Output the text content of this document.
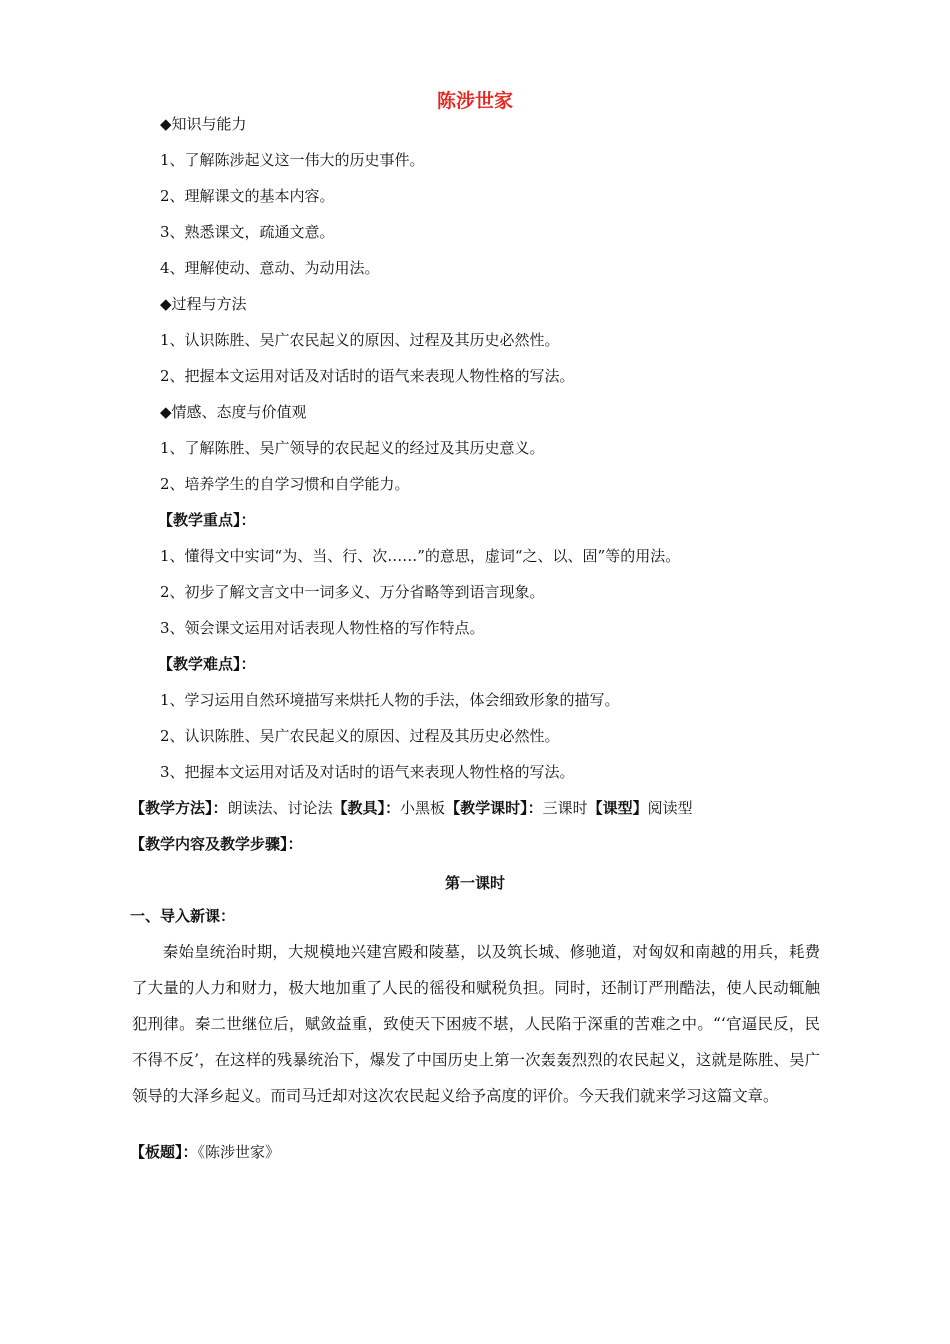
陈涉世家

◆知识与能力

1、了解陈涉起义这一伟大的历史事件。

2、理解课文的基本内容。

3、熟悉课文，疏通文意。

4、理解使动、意动、为动用法。

◆过程与方法

1、认识陈胜、吴广农民起义的原因、过程及其历史必然性。

2、把握本文运用对话及对话时的语气来表现人物性格的写法。

◆情感、态度与价值观

1、了解陈胜、吴广领导的农民起义的经过及其历史意义。

2、培养学生的自学习惯和自学能力。

【教学重点】：

1、懂得文中实词“为、当、行、次……”的意思，虚词“之、以、固”等的用法。

2、初步了解文言文中一词多义、万分省略等到语言现象。

3、领会课文运用对话表现人物性格的写作特点。

【教学难点】：

1、学习运用自然环境描写来烘托人物的手法，体会细致形象的描写。

2、认识陈胜、吴广农民起义的原因、过程及其历史必然性。

3、把握本文运用对话及对话时的语气来表现人物性格的写法。

【教学方法】：朗读法、讨论法【教具】：小黑板【教学课时】：三课时【课型】阅读型

【教学内容及教学步骤】：

第一课时

一、导入新课：

秦始皇统治时期，大规模地兴建宫殿和陵墓，以及筑长城、修驰道，对匈奴和南越的用兵，耗费了大量的人力和财力，极大地加重了人民的徭役和赋税负担。同时，还制订严刑酷法，使人民动辄触犯刑律。秦二世继位后，赋敛益重，致使天下困疲不堪，人民陷于深重的苦难之中。“‘官逼民反，民不得不反’，在这样的残暴统治下，爆发了中国历史上第一次轰轰烈烈的农民起义，这就是陈胜、吴广领导的大泽乡起义。而司马迁却对这次农民起义给予高度的评价。今天我们就来学习这篇文章。

【板题】：《陈涉世家》
